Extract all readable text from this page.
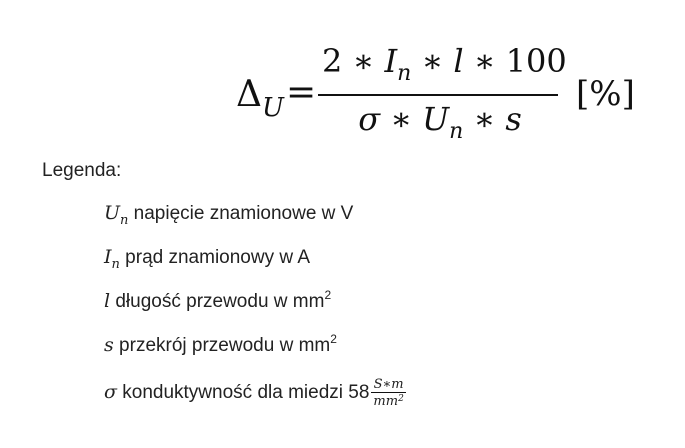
$\Delta_U$ =
2 ∗ $I_n$ ∗ l ∗ 100
σ ∗ $U_n$ ∗ s
[%]
Legenda:
$U_n$ napięcie znamionowe w V
$I_n$ prąd znamionowy w A
l długość przewodu w $mm^2$
s przekrój przewodu w $mm^2$
σ konduktywność dla miedzi $58 \frac{S∗m}{mm^2}$
